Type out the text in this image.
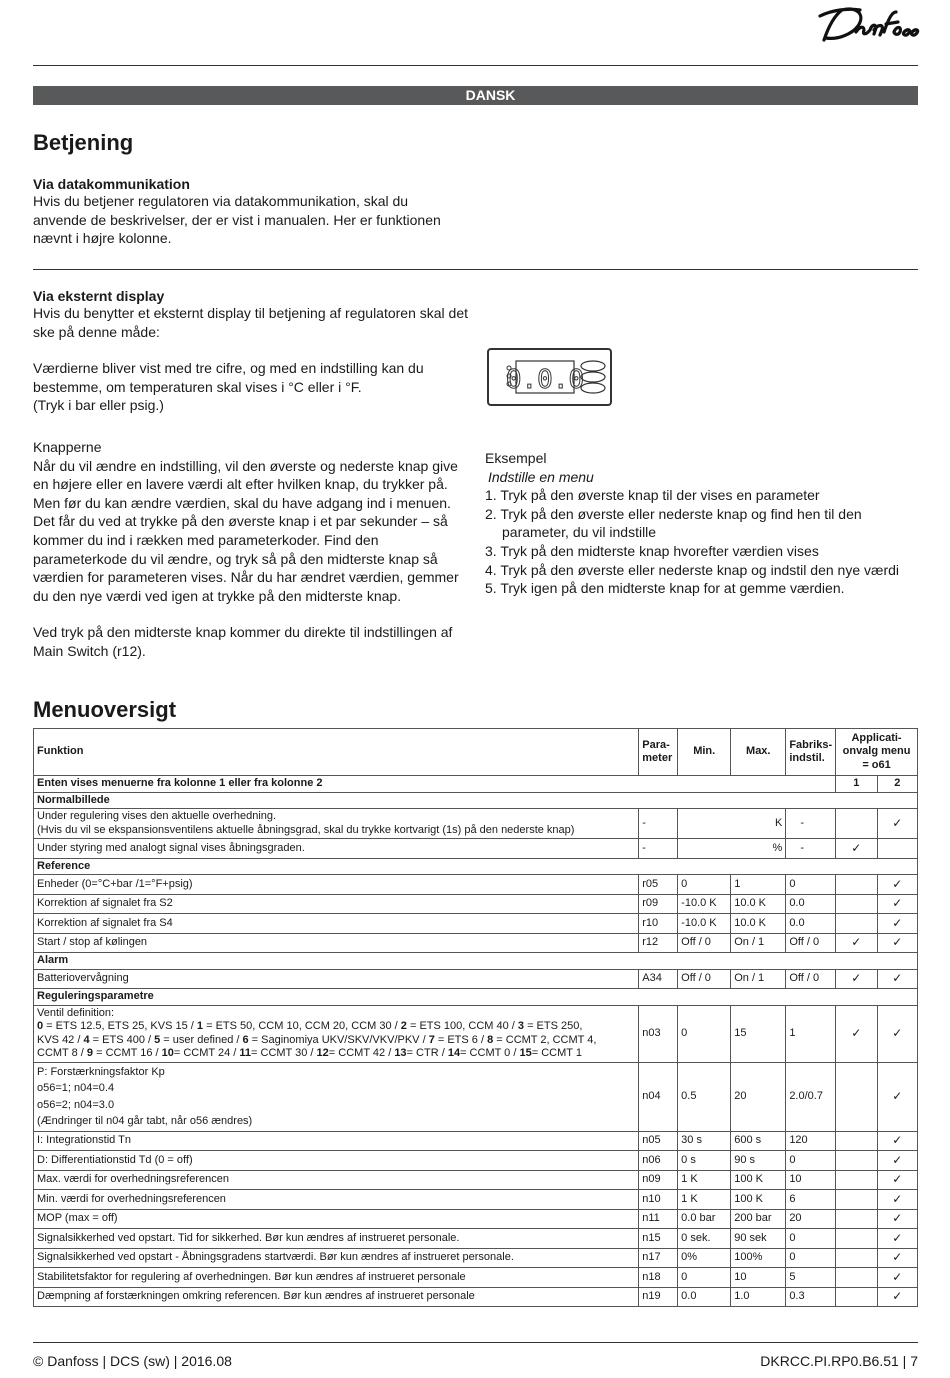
DANSK
Betjening
Via datakommunikation
Hvis du betjener regulatoren via datakommunikation, skal du anvende de beskrivelser, der er vist i manualen. Her er funktionen nævnt i højre kolonne.
Via eksternt display
Hvis du benytter et eksternt display til betjening af regulatoren skal det ske på denne måde:
Værdierne bliver vist med tre cifre, og med en indstilling kan du bestemme, om temperaturen skal vises i °C eller i °F.
(Tryk i bar eller psig.)
0.0.0
Knapperne
Når du vil ændre en indstilling, vil den øverste og nederste knap give en højere eller en lavere værdi alt efter hvilken knap, du trykker på. Men før du kan ændre værdien, skal du have adgang ind i menuen. Det får du ved at trykke på den øverste knap i et par sekunder – så kommer du ind i rækken med parameterkoder. Find den parameterkode du vil ændre, og tryk så på den midterste knap så værdien for parameteren vises. Når du har ændret værdien, gemmer du den nye værdi ved igen at trykke på den midterste knap.
Ved tryk på den midterste knap kommer du direkte til indstillingen af Main Switch (r12).
Eksempel
Indstille en menu
1. Tryk på den øverste knap til der vises en parameter
2. Tryk på den øverste eller nederste knap og find hen til den parameter, du vil indstille
3. Tryk på den midterste knap hvorefter værdien vises
4. Tryk på den øverste eller nederste knap og indstil den nye værdi
5. Tryk igen på den midterste knap for at gemme værdien.
Menuoversigt
Funktion	Para-meter	Min.	Max.	Fabriks-indstil.	Applicati-onvalg menu = o61	
Enten vises menuerne fra kolonne 1 eller fra kolonne 2					1	2
Normalbillede						

Under regulering vises den aktuelle overhedning.
(Hvis du vil se ekspansionsventilens aktuelle åbningsgrad, skal du trykke kortvarigt (1s) på den nederste knap)	-	K		-		✓

Under styring med analogt signal vises åbningsgraden.	-	%		-	✓	
Reference						

Enheder (0=°C+bar /1=°F+psig)	r05	0	1	0		✓

Korrektion af signalet fra S2	r09	-10.0 K	10.0 K	0.0		✓

Korrektion af signalet fra S4	r10	-10.0 K	10.0 K	0.0		✓

Start / stop af kølingen	r12	Off / 0	On / 1	Off / 0	✓	✓
Alarm						

Batteriovervågning	A34	Off / 0	On / 1	Off / 0	✓	✓
Reguleringsparametre						

Ventil definition:
0 = ETS 12.5, ETS 25, KVS 15 / 1 = ETS 50, CCM 10, CCM 20, CCM 30 / 2 = ETS 100, CCM 40 / 3 = ETS 250, KVS 42 / 4 = ETS 400 / 5 = user defined / 6 = Saginomiya UKV/SKV/VKV/PKV / 7 = ETS 6 / 8 = CCMT 2, CCMT 4, CCMT 8 / 9 = CCMT 16 / 10= CCMT 24 / 11= CCMT 30 / 12= CCMT 42 / 13= CTR / 14= CCMT 0 / 15= CCMT 1	n03	0	15	1	✓	✓

P: Forstærkningsfaktor Kp
o56=1; n04=0.4
o56=2; n04=3.0
(Ændringer til n04 går tabt, når o56 ændres)	n04	0.5	20	2.0/0.7		✓

I: Integrationstid Tn	n05	30 s	600 s	120		✓

D: Differentiationstid Td (0 = off)	n06	0 s	90 s	0		✓

Max. værdi for overhedningsreferencen	n09	1 K	100 K	10		✓

Min. værdi for overhedningsreferencen	n10	1 K	100 K	6		✓

MOP (max = off)	n11	0.0 bar	200 bar	20		✓

Signalsikkerhed ved opstart. Tid for sikkerhed. Bør kun ændres af instrueret personale.	n15	0 sek.	90 sek	0		✓

Signalsikkerhed ved opstart - Åbningsgradens startværdi. Bør kun ændres af instrueret personale.	n17	0%	100%	0		✓

Stabilitetsfaktor for regulering af overhedningen. Bør kun ændres af instrueret personale	n18	0	10	5		✓

Dæmpning af forstærkningen omkring referencen. Bør kun ændres af instrueret personale	n19	0.0	1.0	0.3		✓
© Danfoss | DCS (sw) | 2016.08	DKRCC.PI.RP0.B6.51 | 7
